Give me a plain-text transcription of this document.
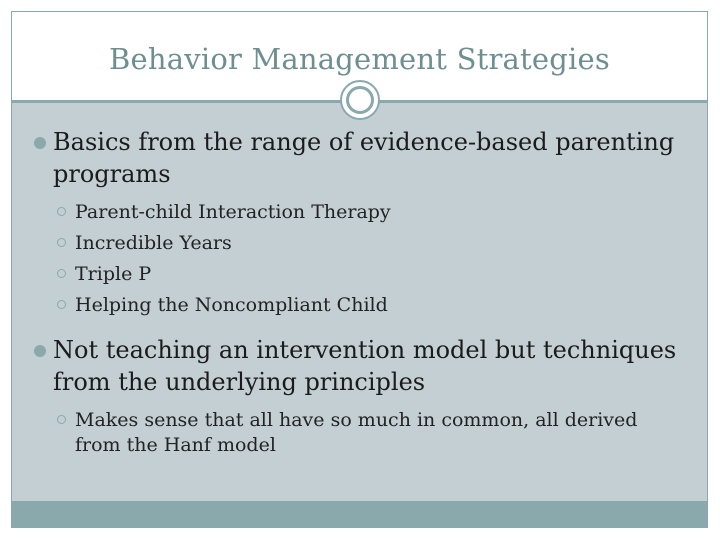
Behavior Management Strategies
Basics from the range of evidence-based parenting programs
Parent-child Interaction Therapy
Incredible Years
Triple P
Helping the Noncompliant Child
Not teaching an intervention model but techniques from the underlying principles
Makes sense that all have so much in common, all derived from the Hanf model
